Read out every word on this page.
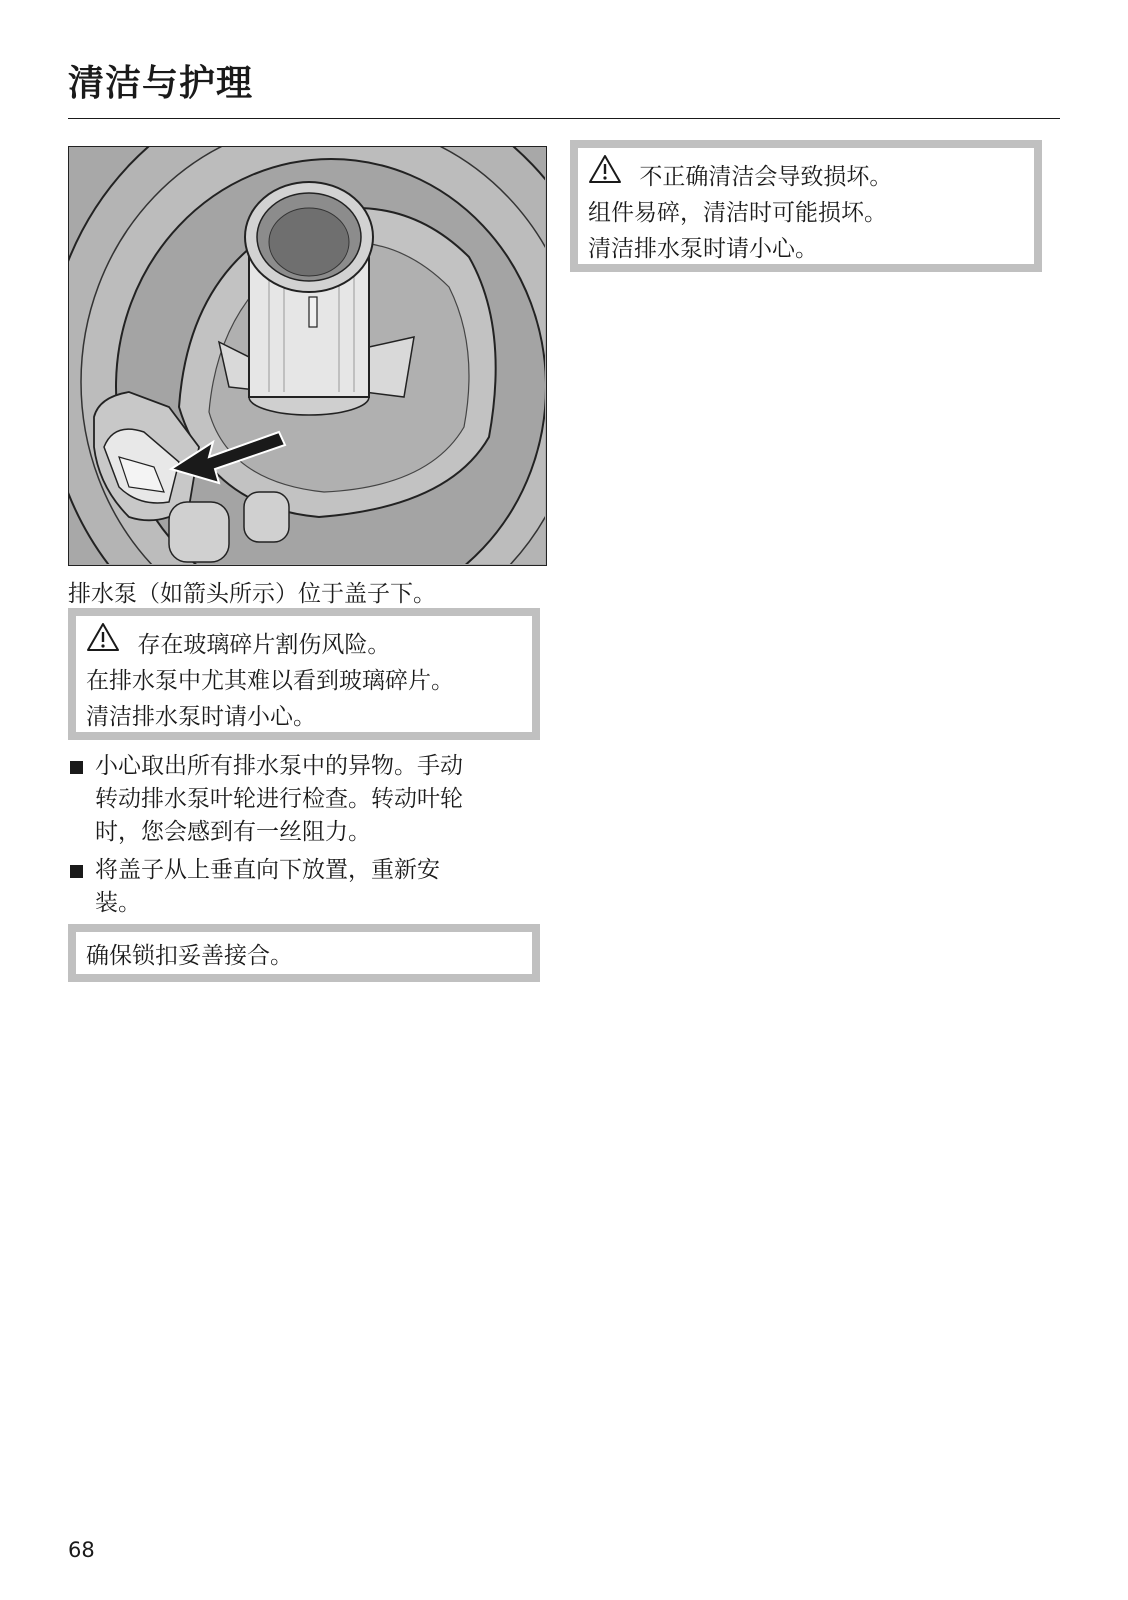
清洁与护理
排水泵（如箭头所示）位于盖子下。
存在玻璃碎片割伤风险。
在排水泵中尤其难以看到玻璃碎片。
清洁排水泵时请小心。
小心取出所有排水泵中的异物。手动
转动排水泵叶轮进行检查。转动叶轮
时，您会感到有一丝阻力。
将盖子从上垂直向下放置，重新安
装。
确保锁扣妥善接合。
不正确清洁会导致损坏。
组件易碎，清洁时可能损坏。
清洁排水泵时请小心。
68
